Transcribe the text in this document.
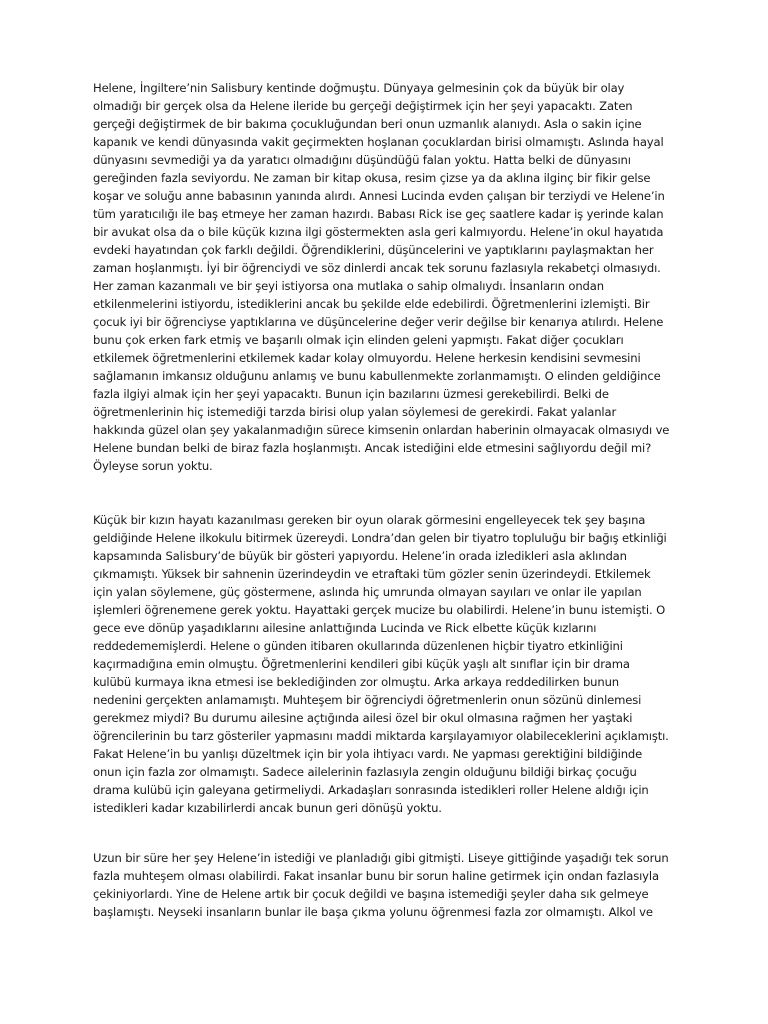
Helene, İngiltere’nin Salisbury kentinde doğmuştu. Dünyaya gelmesinin çok da büyük bir olay
olmadığı bir gerçek olsa da Helene ileride bu gerçeği değiştirmek için her şeyi yapacaktı. Zaten
gerçeği değiştirmek de bir bakıma çocukluğundan beri onun uzmanlık alanıydı. Asla o sakin içine
kapanık ve kendi dünyasında vakit geçirmekten hoşlanan çocuklardan birisi olmamıştı. Aslında hayal
dünyasını sevmediği ya da yaratıcı olmadığını düşündüğü falan yoktu. Hatta belki de dünyasını
gereğinden fazla seviyordu. Ne zaman bir kitap okusa, resim çizse ya da aklına ilginç bir fikir gelse
koşar ve soluğu anne babasının yanında alırdı. Annesi Lucinda evden çalışan bir terziydi ve Helene’in
tüm yaratıcılığı ile baş etmeye her zaman hazırdı. Babası Rick ise geç saatlere kadar iş yerinde kalan
bir avukat olsa da o bile küçük kızına ilgi göstermekten asla geri kalmıyordu. Helene’in okul hayatıda
evdeki hayatından çok farklı değildi. Öğrendiklerini, düşüncelerini ve yaptıklarını paylaşmaktan her
zaman hoşlanmıştı. İyi bir öğrenciydi ve söz dinlerdi ancak tek sorunu fazlasıyla rekabetçi olmasıydı.
Her zaman kazanmalı ve bir şeyi istiyorsa ona mutlaka o sahip olmalıydı. İnsanların ondan
etkilenmelerini istiyordu, istediklerini ancak bu şekilde elde edebilirdi. Öğretmenlerini izlemişti. Bir
çocuk iyi bir öğrenciyse yaptıklarına ve düşüncelerine değer verir değilse bir kenarıya atılırdı. Helene
bunu çok erken fark etmiş ve başarılı olmak için elinden geleni yapmıştı. Fakat diğer çocukları
etkilemek öğretmenlerini etkilemek kadar kolay olmuyordu. Helene herkesin kendisini sevmesini
sağlamanın imkansız olduğunu anlamış ve bunu kabullenmekte zorlanmamıştı. O elinden geldiğince
fazla ilgiyi almak için her şeyi yapacaktı. Bunun için bazılarını üzmesi gerekebilirdi. Belki de
öğretmenlerinin hiç istemediği tarzda birisi olup yalan söylemesi de gerekirdi. Fakat yalanlar
hakkında güzel olan şey yakalanmadığın sürece kimsenin onlardan haberinin olmayacak olmasıydı ve
Helene bundan belki de biraz fazla hoşlanmıştı. Ancak istediğini elde etmesini sağlıyordu değil mi?
Öyleyse sorun yoktu.
Küçük bir kızın hayatı kazanılması gereken bir oyun olarak görmesini engelleyecek tek şey başına
geldiğinde Helene ilkokulu bitirmek üzereydi. Londra’dan gelen bir tiyatro topluluğu bir bağış etkinliği
kapsamında Salisbury’de büyük bir gösteri yapıyordu. Helene’in orada izledikleri asla aklından
çıkmamıştı. Yüksek bir sahnenin üzerindeydin ve etraftaki tüm gözler senin üzerindeydi. Etkilemek
için yalan söylemene, güç göstermene, aslında hiç umrunda olmayan sayıları ve onlar ile yapılan
işlemleri öğrenemene gerek yoktu. Hayattaki gerçek mucize bu olabilirdi. Helene’in bunu istemişti. O
gece eve dönüp yaşadıklarını ailesine anlattığında Lucinda ve Rick elbette küçük kızlarını
reddedememişlerdi. Helene o günden itibaren okullarında düzenlenen hiçbir tiyatro etkinliğini
kaçırmadığına emin olmuştu. Öğretmenlerini kendileri gibi küçük yaşlı alt sınıflar için bir drama
kulübü kurmaya ikna etmesi ise beklediğinden zor olmuştu. Arka arkaya reddedilirken bunun
nedenini gerçekten anlamamıştı. Muhteşem bir öğrenciydi öğretmenlerin onun sözünü dinlemesi
gerekmez miydi? Bu durumu ailesine açtığında ailesi özel bir okul olmasına rağmen her yaştaki
öğrencilerinin bu tarz gösteriler yapmasını maddi miktarda karşılayamıyor olabileceklerini açıklamıştı.
Fakat Helene’in bu yanlışı düzeltmek için bir yola ihtiyacı vardı. Ne yapması gerektiğini bildiğinde
onun için fazla zor olmamıştı. Sadece ailelerinin fazlasıyla zengin olduğunu bildiği birkaç çocuğu
drama kulübü için galeyana getirmeliydi. Arkadaşları sonrasında istedikleri roller Helene aldığı için
istedikleri kadar kızabilirlerdi ancak bunun geri dönüşü yoktu.
Uzun bir süre her şey Helene’in istediği ve planladığı gibi gitmişti. Liseye gittiğinde yaşadığı tek sorun
fazla muhteşem olması olabilirdi. Fakat insanlar bunu bir sorun haline getirmek için ondan fazlasıyla
çekiniyorlardı. Yine de Helene artık bir çocuk değildi ve başına istemediği şeyler daha sık gelmeye
başlamıştı. Neyseki insanların bunlar ile başa çıkma yolunu öğrenmesi fazla zor olmamıştı. Alkol ve
